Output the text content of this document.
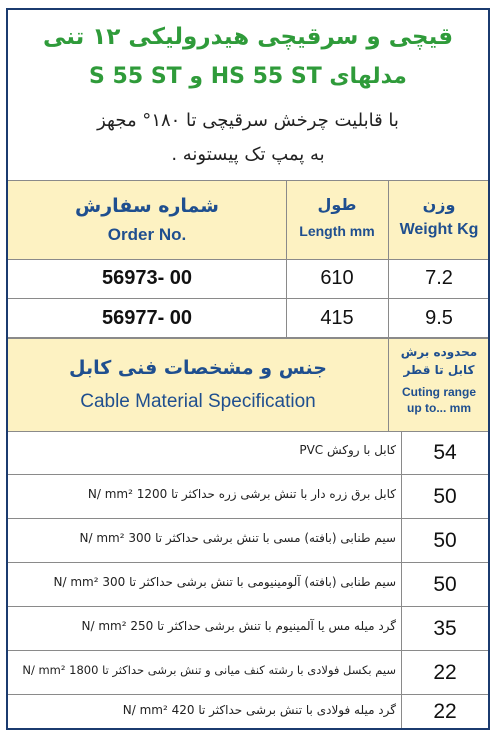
قیچی و سرقیچی هیدرولیکی ۱۲ تنی
مدلهای HS 55 ST و S 55 ST
با قابلیت چرخش سرقیچی تا ۱۸۰° مجهز
به پمپ تک پیستونه .
شماره سفارش
Order No.
طول
Length mm
وزن
Weight Kg
56973- 00	610	7.2
56977- 00	415	9.5
جنس و مشخصات فنی کابل
Cable Material Specification
محدوده برش
کابل تا قطر
Cuting range
up to... mm
کابل با روکش PVC	54
کابل برق زره دار با تنش برشی زره حداکثر تا 1200 N/ mm²	50
سیم طنابی (بافته) مسی با تنش برشی حداکثر تا 300 N/ mm²	50
سیم طنابی (بافته) آلومینیومی با تنش برشی حداکثر تا 300 N/ mm²	50
گرد میله مس یا آلمینیوم با تنش برشی حداکثر تا 250 N/ mm²	35
سیم بکسل فولادی با رشته کنف میانی و تنش برشی حداکثر تا 1800 N/ mm²	22
گرد میله فولادی با تنش برشی حداکثر تا 420 N/ mm²	22
